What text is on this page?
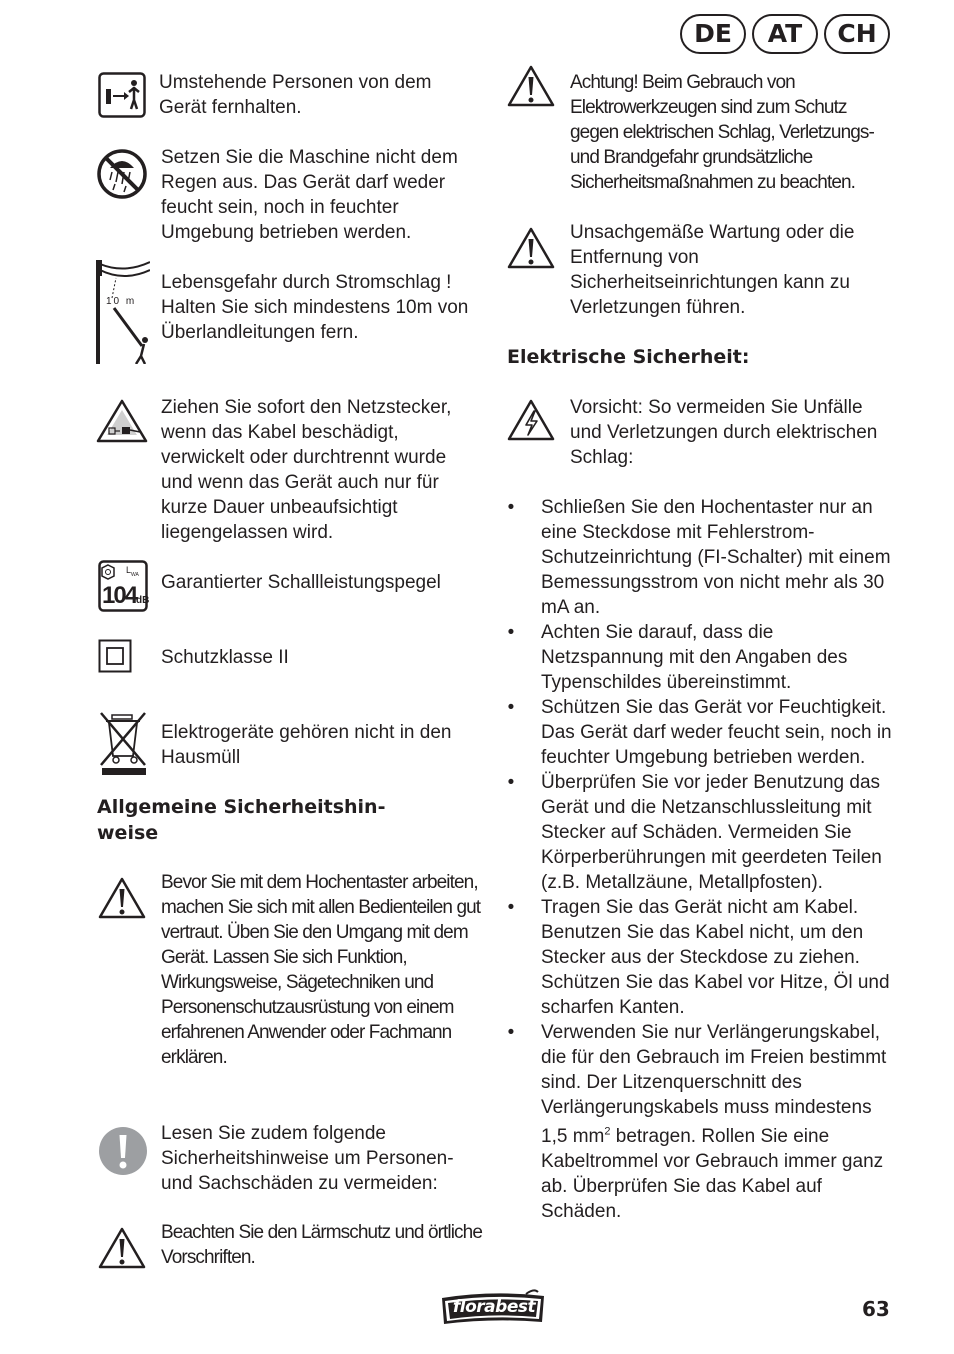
DE	AT	CH

Umstehende Personen von dem Gerät fernhalten.

Setzen Sie die Maschine nicht dem Regen aus. Das Gerät darf weder feucht sein, noch in feuchter Umgebung betrieben werden.

10 m

Lebensgefahr durch Stromschlag ! Halten Sie sich mindestens 10m von Überlandleitungen fern.

Ziehen Sie sofort den Netzstecker, wenn das Kabel beschädigt, verwickelt oder durchtrennt wurde und wenn das Gerät auch nur für kurze Dauer unbeaufsichtigt liegengelassen wird.

$L_{WA}$
104dB

Garantierter Schallleistungspegel

Schutzklasse II

Elektrogeräte gehören nicht in den Hausmüll

Allgemeine Sicherheitshin-

weise

Bevor Sie mit dem Hochentaster arbeiten, machen Sie sich mit allen Bedienteilen gut vertraut. Üben Sie den Umgang mit dem Gerät. Lassen Sie sich Funktion, Wirkungsweise, Sägetechniken und Personenschutzausrüstung von einem erfahrenen Anwender oder Fachmann erklären.

Lesen Sie zudem folgende Sicherheitshinweise um Personen- und Sachschäden zu vermeiden:

Beachten Sie den Lärmschutz und örtliche Vorschriften.

Achtung! Beim Gebrauch von Elektrowerkzeugen sind zum Schutz gegen elektrischen Schlag, Verletzungs- und Brandgefahr grundsätzliche Sicherheitsmaßnahmen zu beachten.

Unsachgemäße Wartung oder die Entfernung von Sicherheitseinrichtungen kann zu Verletzungen führen.

Elektrische Sicherheit:

Vorsicht: So vermeiden Sie Unfälle und Verletzungen durch elektrischen Schlag:

• Schließen Sie den Hochentaster nur an eine Steckdose mit Fehlerstrom-Schutzeinrichtung (FI-Schalter) mit einem Bemessungsstrom von nicht mehr als 30 mA an.
• Achten Sie darauf, dass die Netzspannung mit den Angaben des Typenschildes übereinstimmt.
• Schützen Sie das Gerät vor Feuchtigkeit. Das Gerät darf weder feucht sein, noch in feuchter Umgebung betrieben werden.
• Überprüfen Sie vor jeder Benutzung das Gerät und die Netzanschlussleitung mit Stecker auf Schäden. Vermeiden Sie Körperberührungen mit geerdeten Teilen (z.B. Metallzäune, Metallpfosten).
• Tragen Sie das Gerät nicht am Kabel. Benutzen Sie das Kabel nicht, um den Stecker aus der Steckdose zu ziehen. Schützen Sie das Kabel vor Hitze, Öl und scharfen Kanten.
• Verwenden Sie nur Verlängerungskabel, die für den Gebrauch im Freien bestimmt sind. Der Litzenquerschnitt des Verlängerungskabels muss mindestens 1,5 $mm^2$ betragen. Rollen Sie eine Kabeltrommel vor Gebrauch immer ganz ab. Überprüfen Sie das Kabel auf Schäden.
florabest	63
